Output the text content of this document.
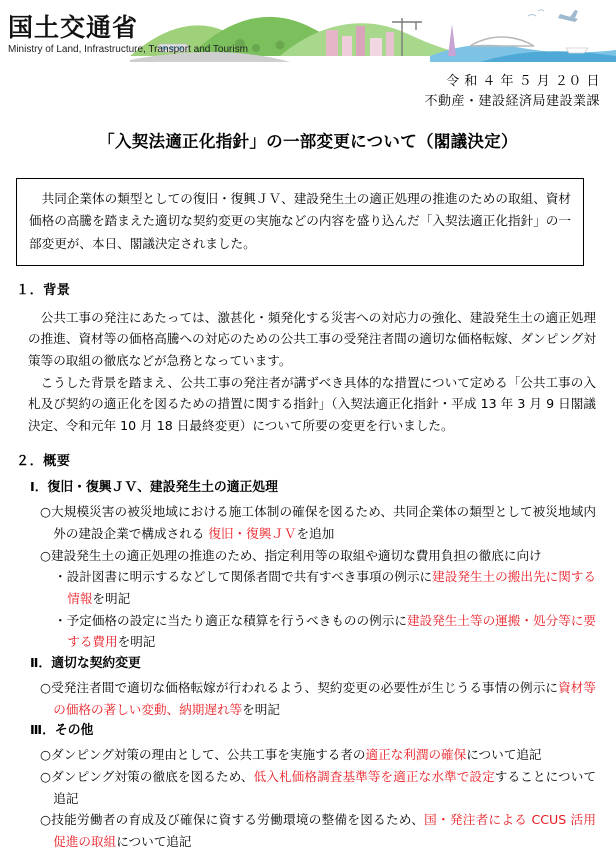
国土交通省
Ministry of Land, Infrastructure, Transport and Tourism
令 和 ４ 年 ５ 月 ２０ 日
不動産・建設経済局建設業課
「入契法適正化指針」の一部変更について（閣議決定）

共同企業体の類型としての復旧・復興ＪＶ、建設発生土の適正処理の推進のための取組、資材価格の高騰を踏まえた適切な契約変更の実施などの内容を盛り込んだ「入契法適正化指針」の一部変更が、本日、閣議決定されました。

１．背景
公共工事の発注にあたっては、激甚化・頻発化する災害への対応力の強化、建設発生土の適正処理の推進、資材等の価格高騰への対応のための公共工事の受発注者間の適切な価格転嫁、ダンピング対策等の取組の徹底などが急務となっています。
こうした背景を踏まえ、公共工事の発注者が講ずべき具体的な措置について定める「公共工事の入札及び契約の適正化を図るための措置に関する指針」（入契法適正化指針・平成 13 年 3 月 9 日閣議決定、令和元年 10 月 18 日最終変更）について所要の変更を行いました。
２．概要
Ⅰ．復旧・復興ＪＶ、建設発生土の適正処理
○大規模災害の被災地域における施工体制の確保を図るため、共同企業体の類型として被災地域内外の建設企業で構成される 復旧・復興ＪＶを追加
○建設発生土の適正処理の推進のため、指定利用等の取組や適切な費用負担の徹底に向け
・設計図書に明示するなどして関係者間で共有すべき事項の例示に建設発生土の搬出先に関する情報を明記
・予定価格の設定に当たり適正な積算を行うべきものの例示に建設発生土等の運搬・処分等に要する費用を明記
Ⅱ．適切な契約変更
○受発注者間で適切な価格転嫁が行われるよう、契約変更の必要性が生じうる事情の例示に資材等の価格の著しい変動、納期遅れ等を明記
Ⅲ．その他
○ダンピング対策の理由として、公共工事を実施する者の適正な利潤の確保について追記
○ダンピング対策の徹底を図るため、低入札価格調査基準等を適正な水準で設定することについて追記
○技能労働者の育成及び確保に資する労働環境の整備を図るため、国・発注者による CCUS 活用促進の取組について追記
